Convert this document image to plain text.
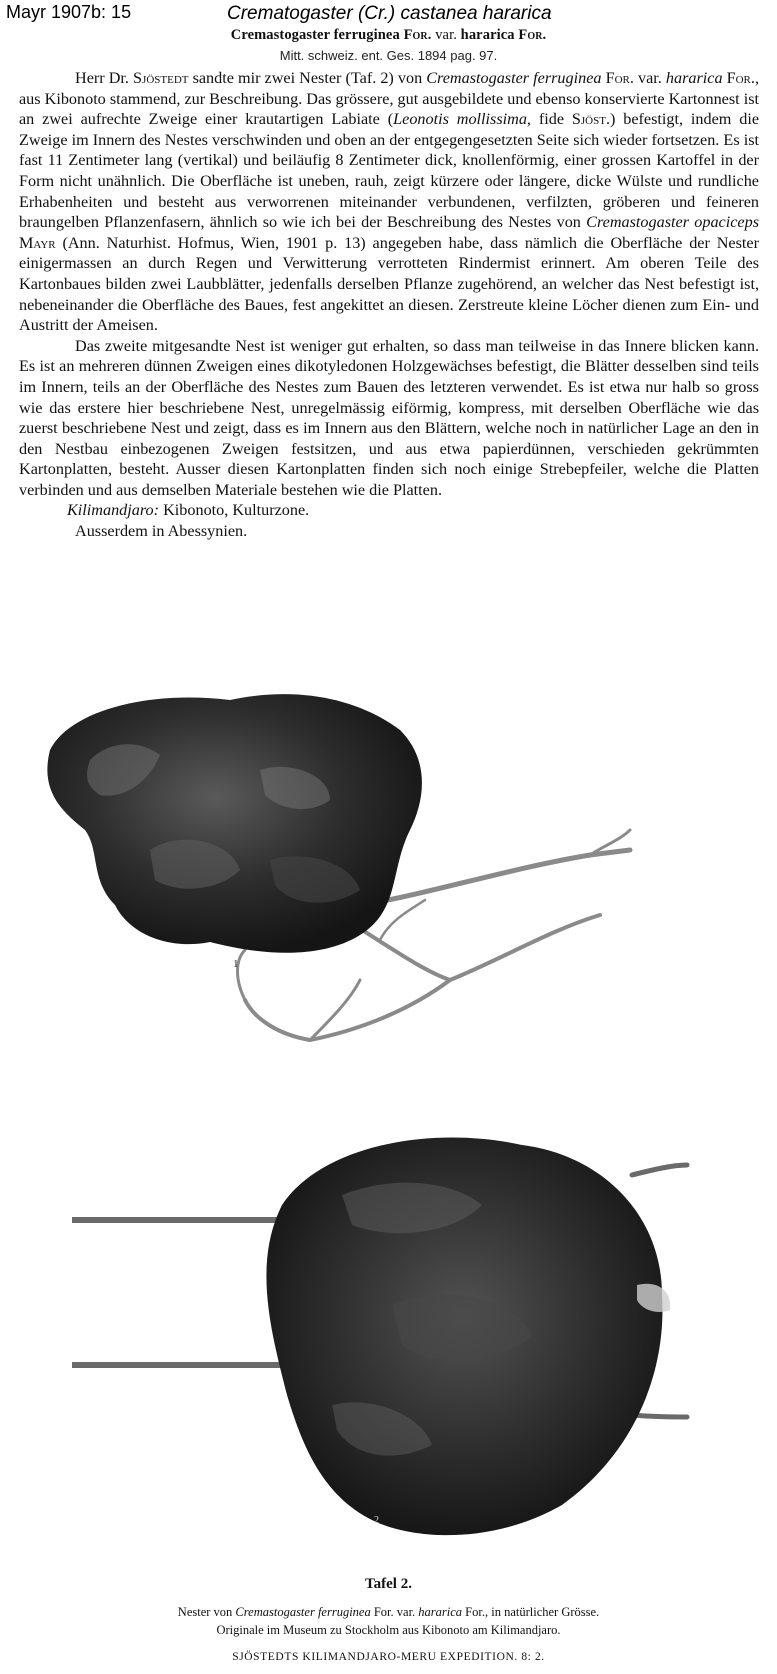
Mayr 1907b: 15	Crematogaster (Cr.) castanea hararica
Cremastogaster ferruginea For. var. hararica For.
Mitt. schweiz. ent. Ges. 1894 pag. 97.

Herr Dr. Sjöstedt sandte mir zwei Nester (Taf. 2) von Cremastogaster ferruginea For. var. hararica For., aus Kibonoto stammend, zur Beschreibung. Das grössere, gut ausgebildete und ebenso konservierte Kartonnest ist an zwei aufrechte Zweige einer krautartigen Labiate (Leonotis mollissima, fide Sjöst.) befestigt, indem die Zweige im Innern des Nestes verschwinden und oben an der entgegengesetzten Seite sich wieder fortsetzen. Es ist fast 11 Zentimeter lang (vertikal) und beiläufig 8 Zentimeter dick, knollenförmig, einer grossen Kartoffel in der Form nicht unähnlich. Die Oberfläche ist uneben, rauh, zeigt kürzere oder längere, dicke Wülste und rundliche Erhabenheiten und besteht aus verworrenen miteinander verbundenen, verfilzten, gröberen und feineren braungelben Pflanzenfasern, ähnlich so wie ich bei der Beschreibung des Nestes von Cremastogaster opaciceps Mayr (Ann. Naturhist. Hofmus, Wien, 1901 p. 13) angegeben habe, dass nämlich die Oberfläche der Nester einigermassen an durch Regen und Verwitterung verrotteten Rindermist erinnert. Am oberen Teile des Kartonbaues bilden zwei Laubblätter, jedenfalls derselben Pflanze zugehörend, an welcher das Nest befestigt ist, nebeneinander die Oberfläche des Baues, fest angekittet an diesen. Zerstreute kleine Löcher dienen zum Ein- und Austritt der Ameisen.

Das zweite mitgesandte Nest ist weniger gut erhalten, so dass man teilweise in das Innere blicken kann. Es ist an mehreren dünnen Zweigen eines dikotyledonen Holzgewächses befestigt, die Blätter desselben sind teils im Innern, teils an der Oberfläche des Nestes zum Bauen des letzteren verwendet. Es ist etwa nur halb so gross wie das erstere hier beschriebene Nest, unregelmässig eiförmig, kompress, mit derselben Oberfläche wie das zuerst beschriebene Nest und zeigt, dass es im Innern aus den Blättern, welche noch in natürlicher Lage an den in den Nestbau einbezogenen Zweigen festsitzen, und aus etwa papierdünnen, verschieden gekrümmten Kartonplatten, besteht. Ausser diesen Kartonplatten finden sich noch einige Strebepfeiler, welche die Platten verbinden und aus demselben Materiale bestehen wie die Platten.

Kilimandjaro: Kibonoto, Kulturzone.

Ausserdem in Abessynien.

1
2
Tafel 2.
Nester von Cremastogaster ferruginea For. var. hararica For., in natürlicher Grösse.
Originale im Museum zu Stockholm aus Kibonoto am Kilimandjaro.
SJÖSTEDTS KILIMANDJARO-MERU EXPEDITION. 8: 2.
